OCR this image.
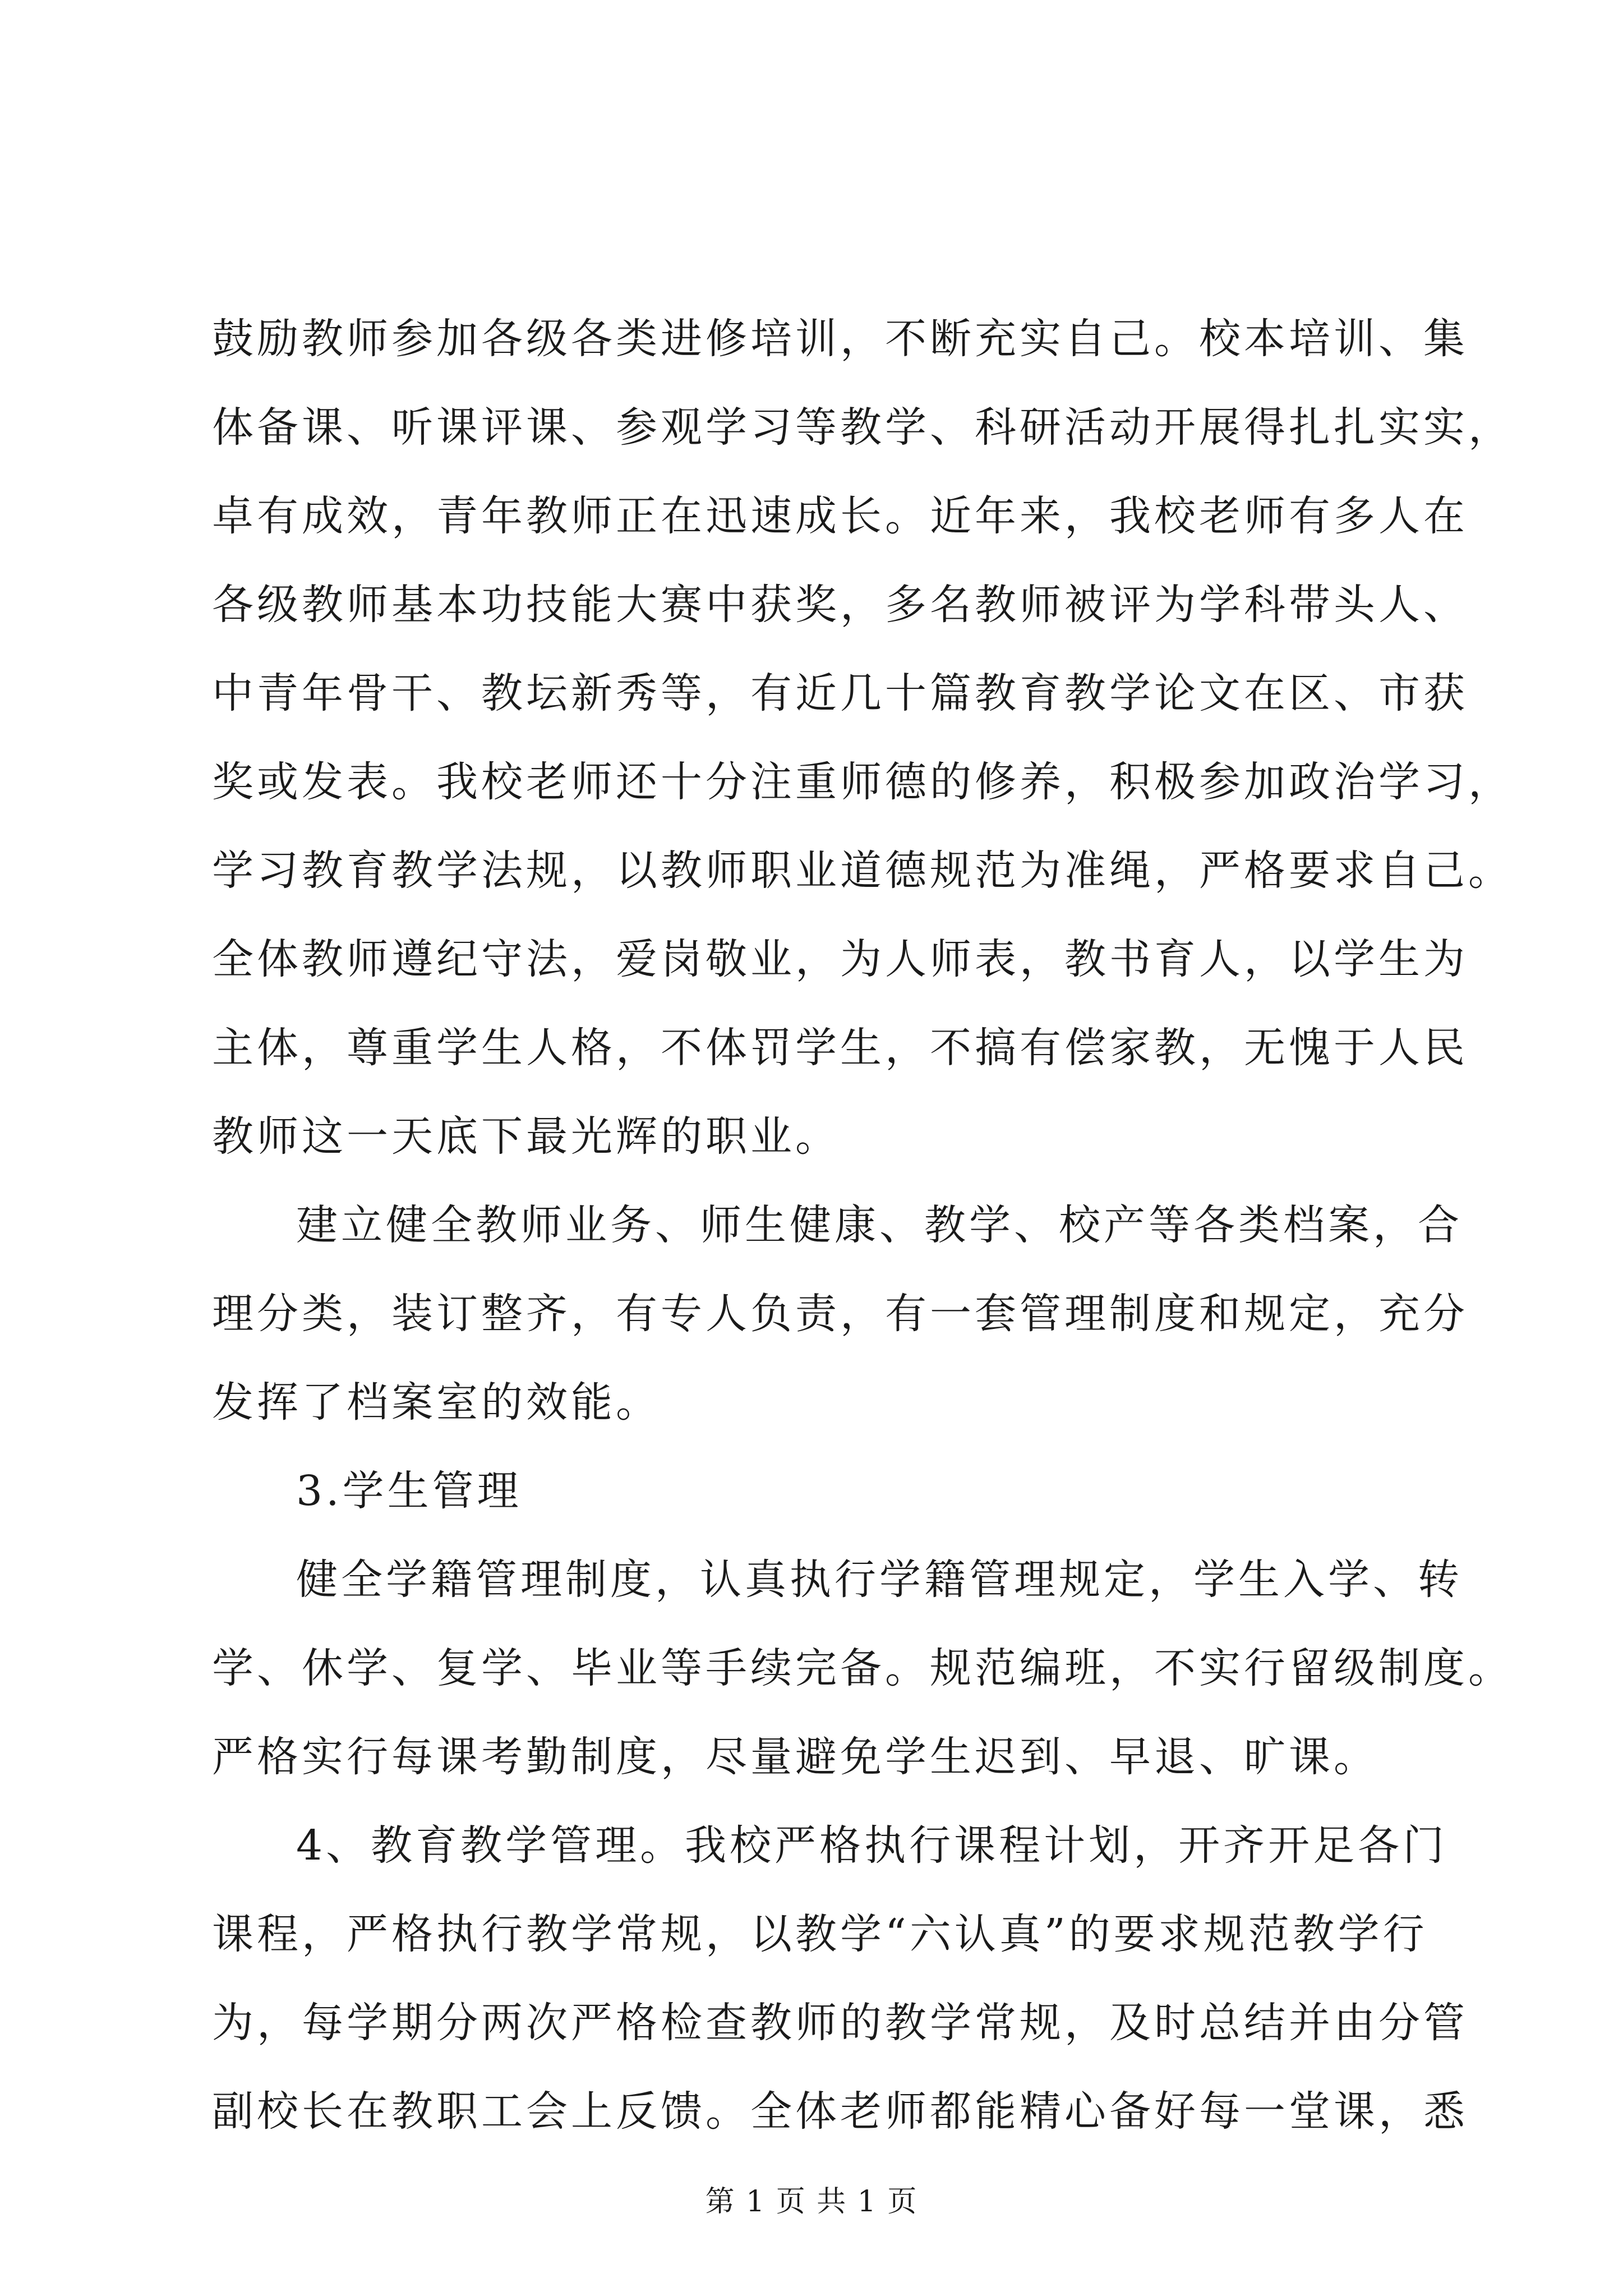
鼓励教师参加各级各类进修培训，不断充实自己。校本培训、集

体备课、听课评课、参观学习等教学、科研活动开展得扎扎实实，

卓有成效，青年教师正在迅速成长。近年来，我校老师有多人在

各级教师基本功技能大赛中获奖，多名教师被评为学科带头人、

中青年骨干、教坛新秀等，有近几十篇教育教学论文在区、市获

奖或发表。我校老师还十分注重师德的修养，积极参加政治学习，

学习教育教学法规，以教师职业道德规范为准绳，严格要求自己。

全体教师遵纪守法，爱岗敬业，为人师表，教书育人，以学生为

主体，尊重学生人格，不体罚学生，不搞有偿家教，无愧于人民

教师这一天底下最光辉的职业。

建立健全教师业务、师生健康、教学、校产等各类档案，合

理分类，装订整齐，有专人负责，有一套管理制度和规定，充分

发挥了档案室的效能。

3.学生管理

健全学籍管理制度，认真执行学籍管理规定，学生入学、转

学、休学、复学、毕业等手续完备。规范编班，不实行留级制度。

严格实行每课考勤制度，尽量避免学生迟到、早退、旷课。

4、教育教学管理。我校严格执行课程计划，开齐开足各门

课程，严格执行教学常规，以教学“六认真”的要求规范教学行

为，每学期分两次严格检查教师的教学常规，及时总结并由分管

副校长在教职工会上反馈。全体老师都能精心备好每一堂课，悉

第 1 页 共 1 页
